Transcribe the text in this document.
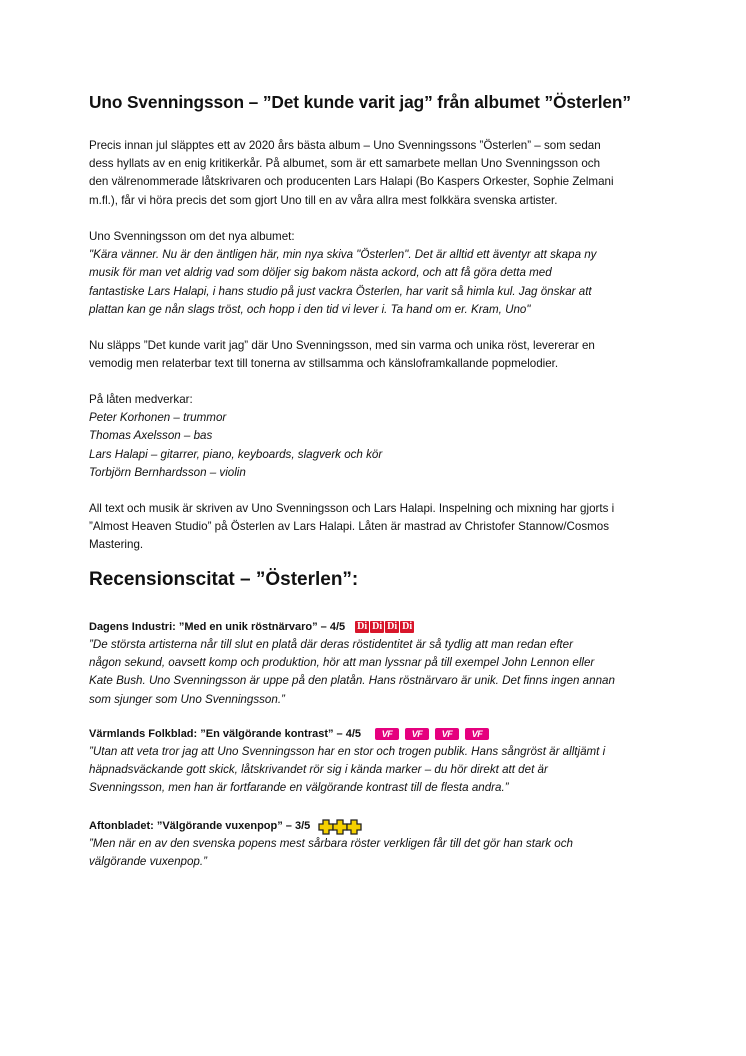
Uno Svenningsson – ”Det kunde varit jag” från albumet ”Österlen”

Precis innan jul släpptes ett av 2020 års bästa album – Uno Svenningssons ”Österlen” – som sedan

dess hyllats av en enig kritikerkår. På albumet, som är ett samarbete mellan Uno Svenningsson och

den välrenommerade låtskrivaren och producenten Lars Halapi (Bo Kaspers Orkester, Sophie Zelmani

m.fl.), får vi höra precis det som gjort Uno till en av våra allra mest folkkära svenska artister.

Uno Svenningsson om det nya albumet:

"Kära vänner. Nu är den äntligen här, min nya skiva "Österlen". Det är alltid ett äventyr att skapa ny

musik för man vet aldrig vad som döljer sig bakom nästa ackord, och att få göra detta med

fantastiske Lars Halapi, i hans studio på just vackra Österlen, har varit så himla kul. Jag önskar att

plattan kan ge nån slags tröst, och hopp i den tid vi lever i. Ta hand om er. Kram, Uno"

Nu släpps ”Det kunde varit jag” där Uno Svenningsson, med sin varma och unika röst, levererar en

vemodig men relaterbar text till tonerna av stillsamma och känsloframkallande popmelodier.

På låten medverkar:

Peter Korhonen – trummor

Thomas Axelsson – bas

Lars Halapi – gitarrer, piano, keyboards, slagverk och kör

Torbjörn Bernhardsson – violin

All text och musik är skriven av Uno Svenningsson och Lars Halapi. Inspelning och mixning har gjorts i

”Almost Heaven Studio” på Österlen av Lars Halapi. Låten är mastrad av Christofer Stannow/Cosmos

Mastering.

Recensionscitat – ”Österlen”:
Dagens Industri: ”Med en unik röstnärvaro” – 4/5 Di Di Di Di

”De största artisterna når till slut en platå där deras röstidentitet är så tydlig att man redan efter

någon sekund, oavsett komp och produktion, hör att man lyssnar på till exempel John Lennon eller

Kate Bush. Uno Svenningsson är uppe på den platån. Hans röstnärvaro är unik. Det finns ingen annan

som sjunger som Uno Svenningsson.”

Värmlands Folkblad: ”En välgörande kontrast” – 4/5	VF	VF	VF	VF

”Utan att veta tror jag att Uno Svenningsson har en stor och trogen publik. Hans sångröst är alltjämt i

häpnadsväckande gott skick, låtskrivandet rör sig i kända marker – du hör direkt att det är

Svenningsson, men han är fortfarande en välgörande kontrast till de flesta andra.”

Aftonbladet: ”Välgörande vuxenpop” – 3/5

”Men när en av den svenska popens mest sårbara röster verkligen får till det gör han stark och

välgörande vuxenpop.”
